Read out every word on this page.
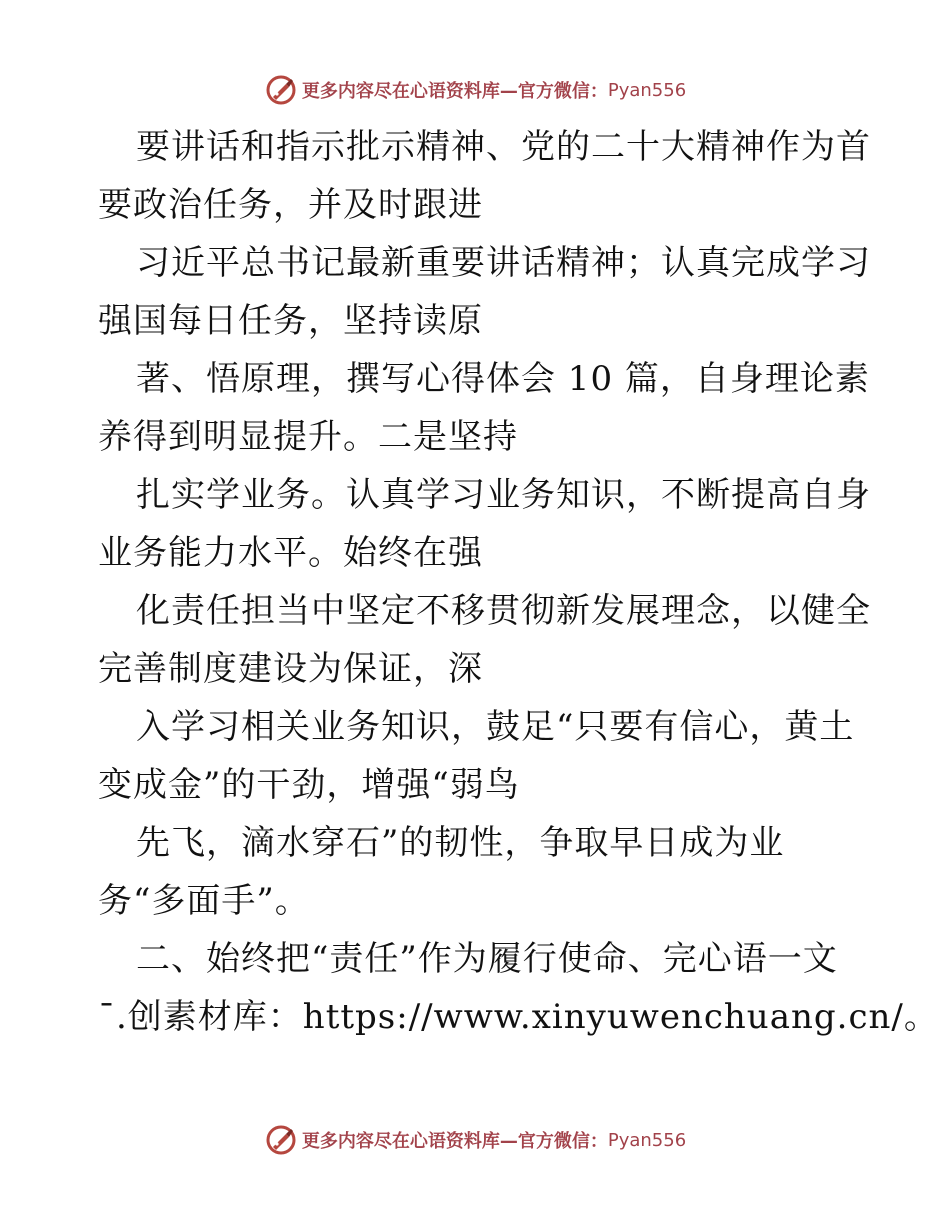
更多内容尽在心语资料库—官方微信： Pyan556
要讲话和指示批示精神、党的二十大精神作为首
要政治任务，并及时跟进
习近平总书记最新重要讲话精神；认真完成学习
强国每日任务，坚持读原
著、悟原理，撰写心得体会 10 篇，自身理论素
养得到明显提升。二是坚持
扎实学业务。认真学习业务知识，不断提高自身
业务能力水平。始终在强
化责任担当中坚定不移贯彻新发展理念，以健全
完善制度建设为保证，深
入学习相关业务知识，鼓足“只要有信心，黄土
变成金”的干劲，增强“弱鸟
先飞，滴水穿石”的韧性，争取早日成为业
务“多面手”。
二、始终把“责任”作为履行使命、完心语一文
¯.创素材库：https://www.xinyuwenchuang.cn/。
更多内容尽在心语资料库—官方微信： Pyan556
